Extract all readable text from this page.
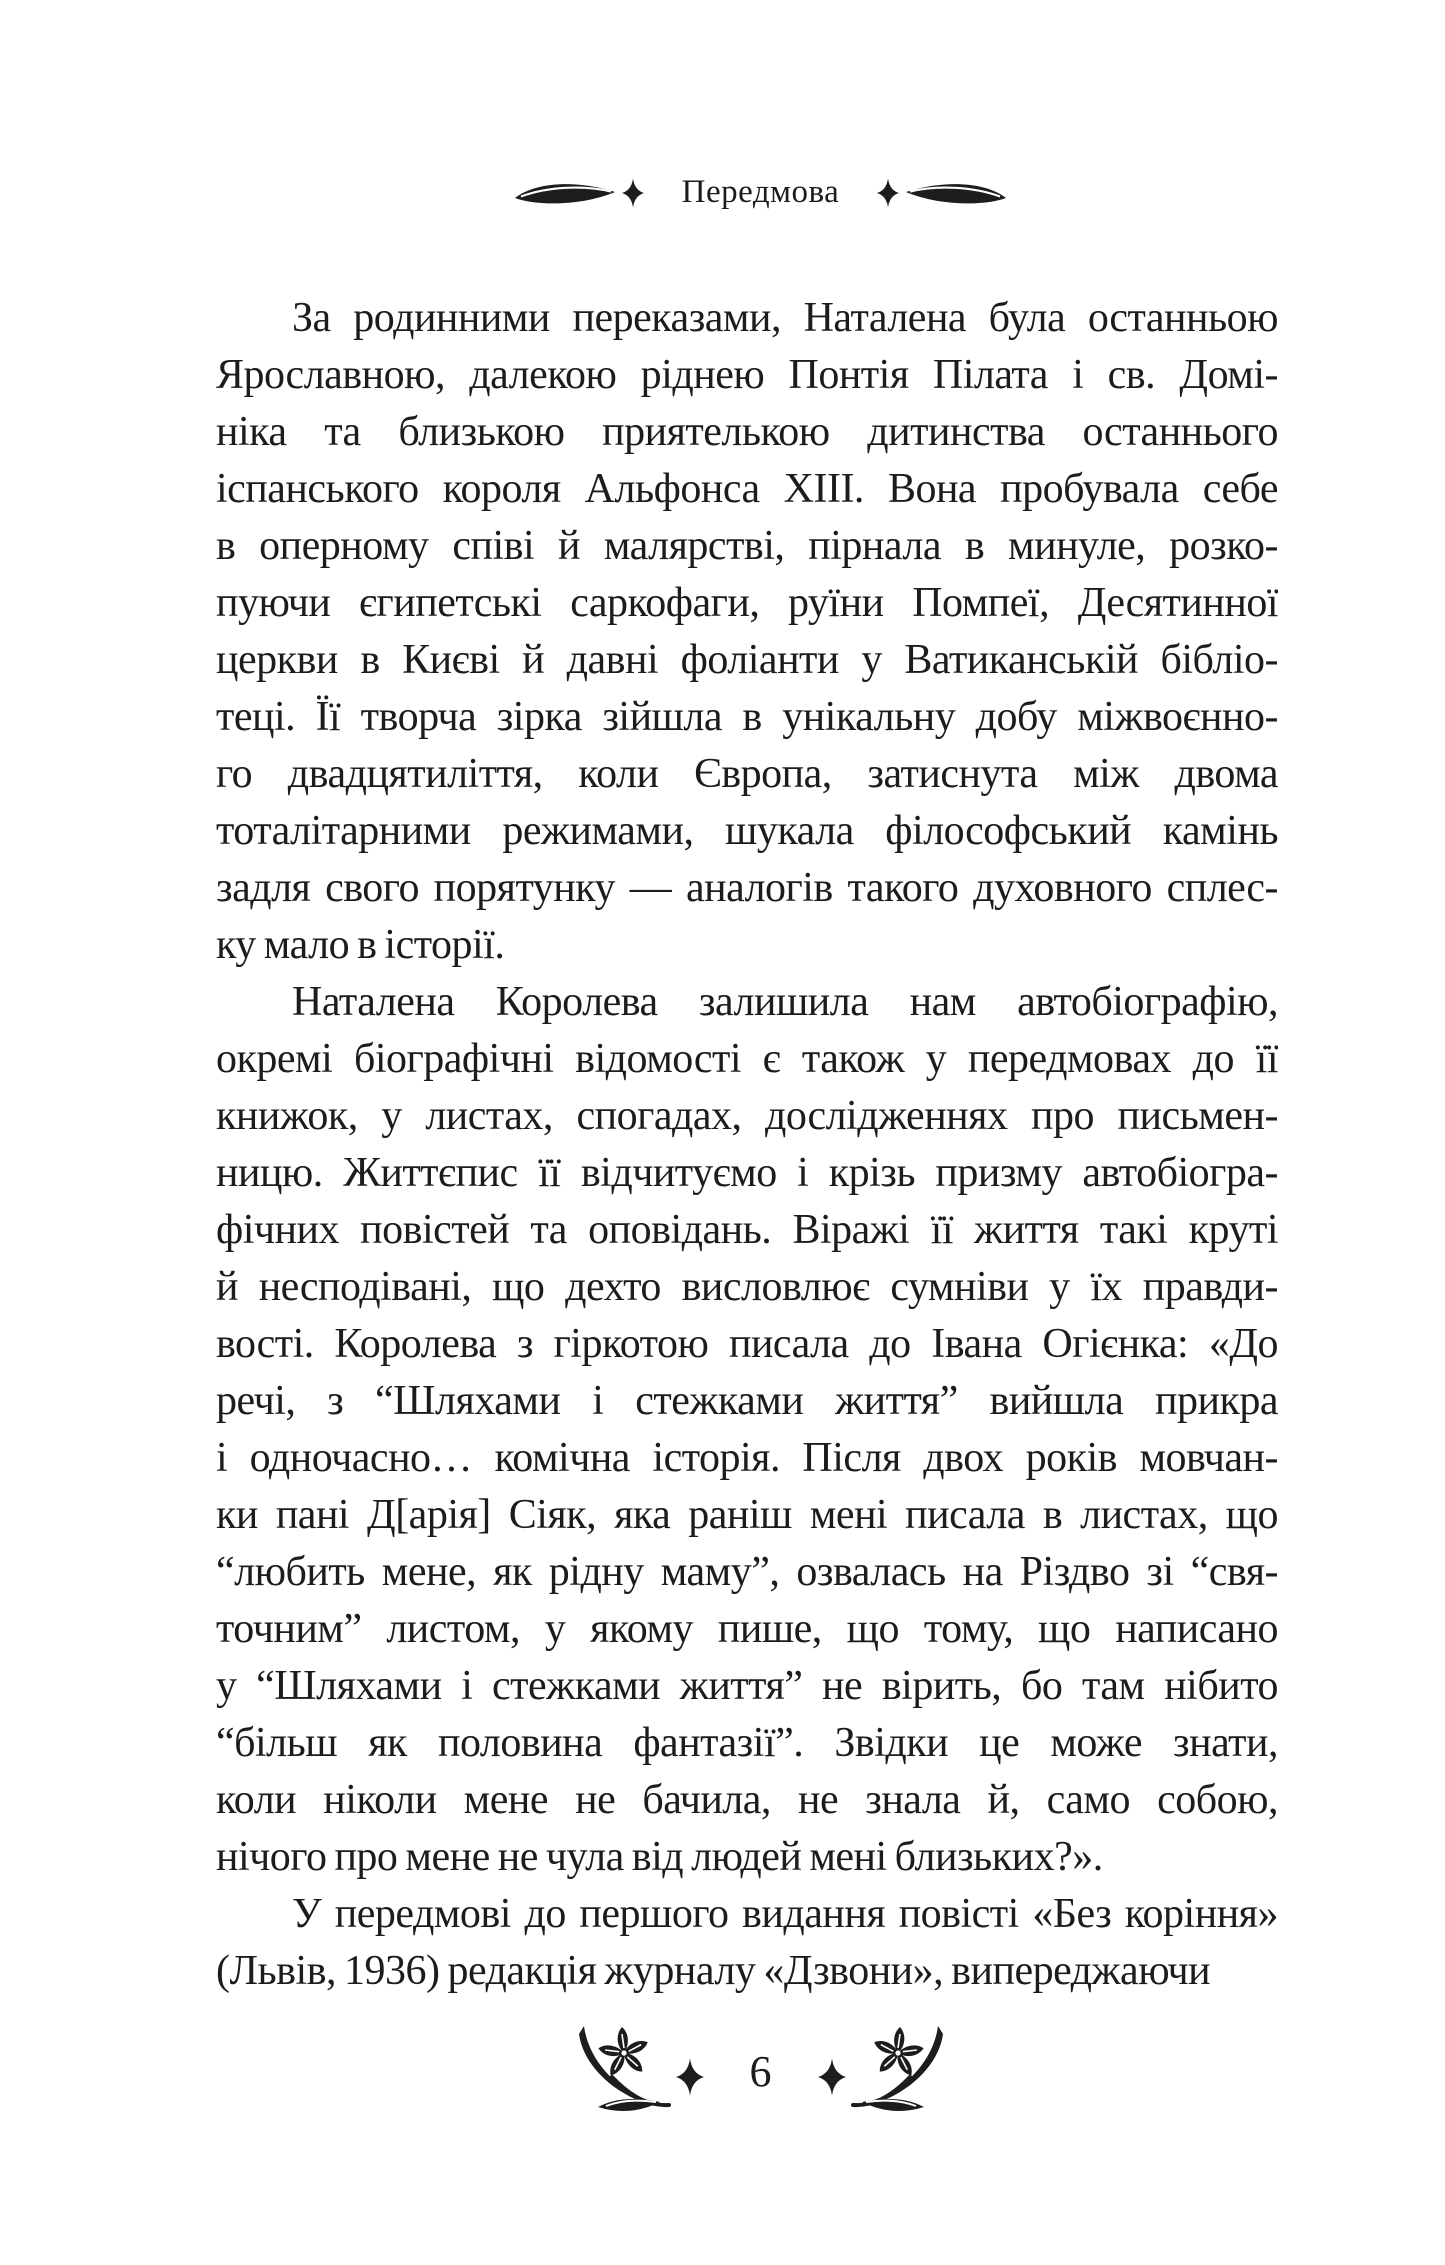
Передмова
За родинними переказами, Наталена була останньою
Ярославною, далекою ріднею Понтія Пілата і св. Домі-
ніка та близькою приятелькою дитинства останнього
іспанського короля Альфонса XIII. Вона пробувала себе
в оперному співі й малярстві, пірнала в минуле, розко-
пуючи єгипетські саркофаги, руїни Помпеї, Десятинної
церкви в Києві й давні фоліанти у Ватиканській бібліо-
теці. Її творча зірка зійшла в унікальну добу міжвоєнно-
го двадцятиліття, коли Європа, затиснута між двома
тоталітарними режимами, шукала філософський камінь
задля свого порятунку — аналогів такого духовного сплес-
ку мало в історії.
Наталена Королева залишила нам автобіографію,
окремі біографічні відомості є також у передмовах до її
книжок, у листах, спогадах, дослідженнях про письмен-
ницю. Життєпис її відчитуємо і крізь призму автобіогра-
фічних повістей та оповідань. Віражі її життя такі круті
й несподівані, що дехто висловлює сумніви у їх правди-
вості. Королева з гіркотою писала до Івана Огієнка: «До
речі, з “Шляхами і стежками життя” вийшла прикра
і одночасно… комічна історія. Після двох років мовчан-
ки пані Д[арія] Сіяк, яка раніш мені писала в листах, що
“любить мене, як рідну маму”, озвалась на Різдво зі “свя-
точним” листом, у якому пише, що тому, що написано
у “Шляхами і стежками життя” не вірить, бо там нібито
“більш як половина фантазії”. Звідки це може знати,
коли ніколи мене не бачила, не знала й, само собою,
нічого про мене не чула від людей мені близьких?».
У передмові до першого видання повісті «Без коріння»
(Львів, 1936) редакція журналу «Дзвони», випереджаючи
6
